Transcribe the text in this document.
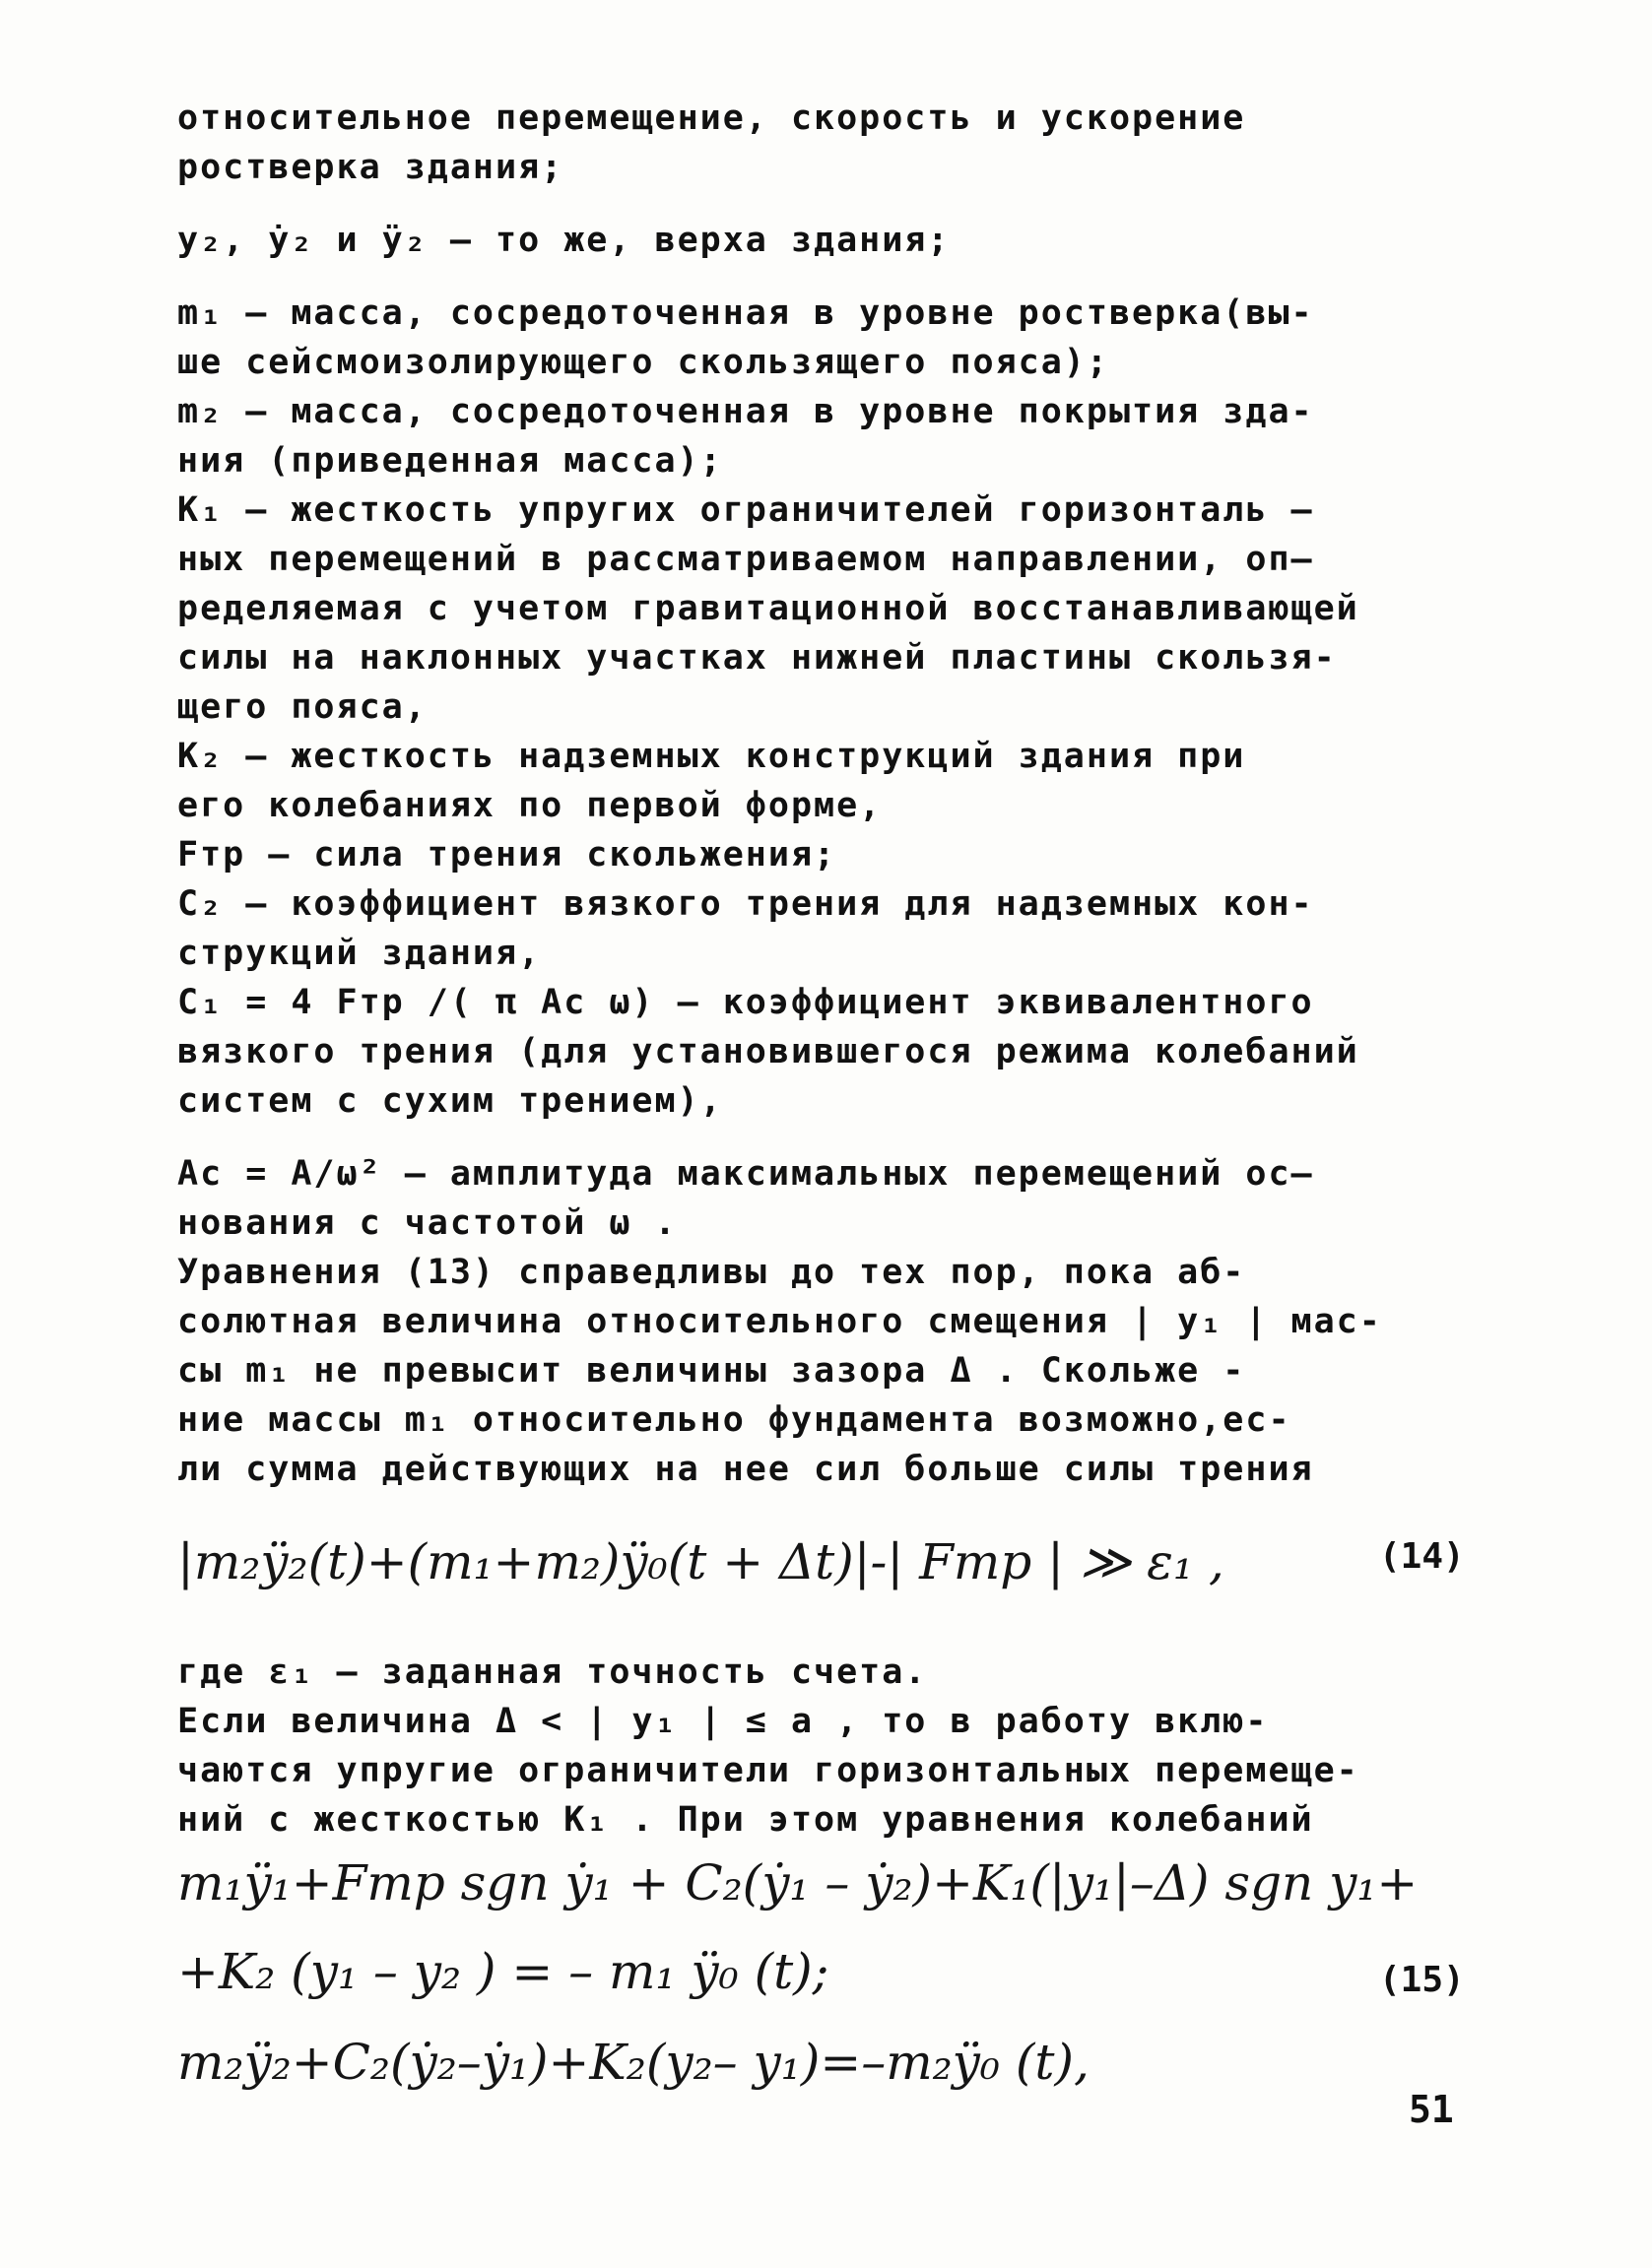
относительное перемещение, скорость и ускорение
ростверка здания;
y₂, ẏ₂ и ÿ₂ – то же, верха здания;
m₁ – масса, сосредоточенная в уровне ростверка(вы-
ше сейсмоизолирующего скользящего пояса);
m₂ – масса, сосредоточенная в уровне покрытия зда-
ния (приведенная масса);
K₁ – жесткость упругих ограничителей горизонталь –
ных перемещений в рассматриваемом направлении, оп–
ределяемая с учетом гравитационной восстанавливающей
силы на наклонных участках нижней пластины скользя-
щего пояса,
K₂ – жесткость надземных конструкций здания при
его колебаниях по первой форме,
Fтр – сила трения скольжения;
C₂ – коэффициент вязкого трения для надземных кон-
струкций здания,
C₁ = 4 Fтр /( π Aс ω) – коэффициент эквивалентного
вязкого трения (для установившегося режима колебаний
систем с сухим трением),
Aс = A/ω² – амплитуда максимальных перемещений ос–
нования с частотой ω .
Уравнения (13) справедливы до тех пор, пока аб-
солютная величина относительного смещения | y₁ | мас-
сы m₁ не превысит величины зазора Δ . Скольже -
ние массы m₁ относительно фундамента возможно,ес-
ли сумма действующих на нее сил больше силы трения
|m₂ÿ₂(t)+(m₁+m₂)ÿ₀(t + Δt)|-| Fтр | ≫ ε₁ ,	(14)
где ε₁ – заданная точность счета.
Если величина Δ < | y₁ | ≤ a , то в работу вклю-
чаются упругие ограничители горизонтальных перемеще-
ний с жесткостью K₁ . При этом уравнения колебаний
m₁ÿ₁+Fтр sgn ẏ₁ + C₂(ẏ₁ – ẏ₂)+K₁(|y₁|–Δ) sgn y₁+
+K₂ (y₁ – y₂ ) = – m₁ ÿ₀ (t);	(15)
m₂ÿ₂+C₂(ẏ₂–ẏ₁)+K₂(y₂– y₁)=–m₂ÿ₀ (t),
51
